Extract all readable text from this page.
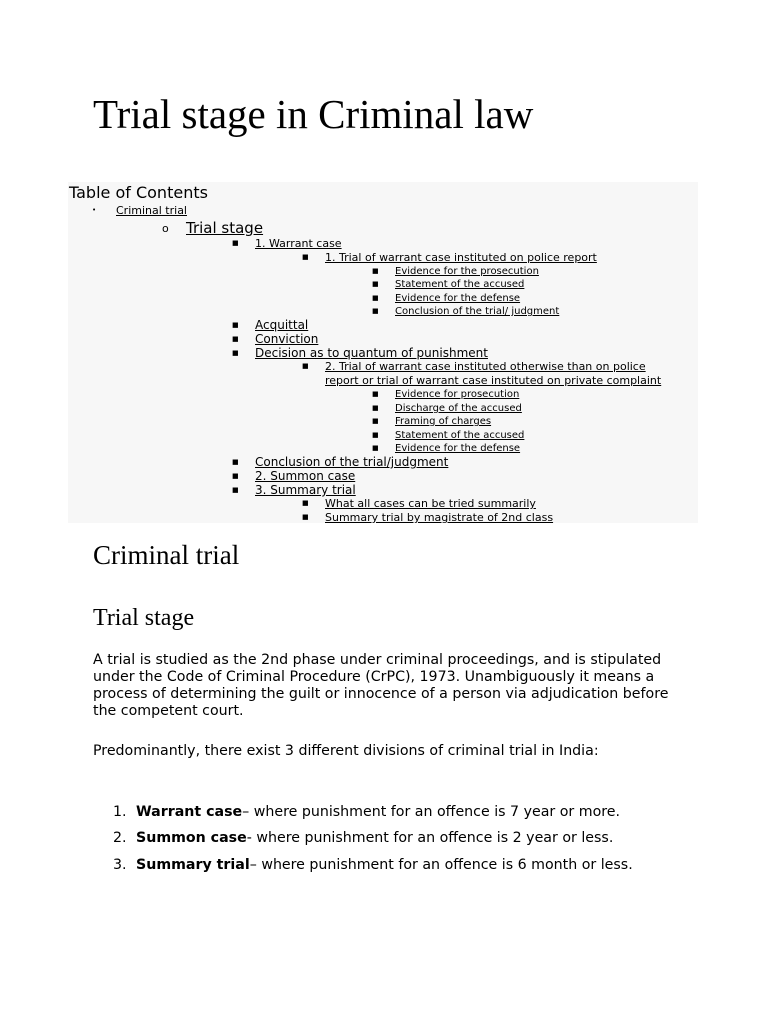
Trial stage in Criminal law
Table of Contents
• Criminal trial
o Trial stage
■ 1. Warrant case
■ 1. Trial of warrant case instituted on police report
■ Evidence for the prosecution
■ Statement of the accused
■ Evidence for the defense
■ Conclusion of the trial/ judgment
■ Acquittal
■ Conviction
■ Decision as to quantum of punishment
■ 2. Trial of warrant case instituted otherwise than on police
report or trial of warrant case instituted on private complaint
■ Evidence for prosecution
■ Discharge of the accused
■ Framing of charges
■ Statement of the accused
■ Evidence for the defense
■ Conclusion of the trial/judgment
■ 2. Summon case
■ 3. Summary trial
■ What all cases can be tried summarily
■ Summary trial by magistrate of 2nd class
Criminal trial
Trial stage

A trial is studied as the 2nd phase under criminal proceedings, and is stipulated under the Code of Criminal Procedure (CrPC), 1973. Unambiguously it means a process of determining the guilt or innocence of a person via adjudication before the competent court.

Predominantly, there exist 3 different divisions of criminal trial in India:

1. Warrant case– where punishment for an offence is 7 year or more.
2. Summon case- where punishment for an offence is 2 year or less.
3. Summary trial– where punishment for an offence is 6 month or less.
